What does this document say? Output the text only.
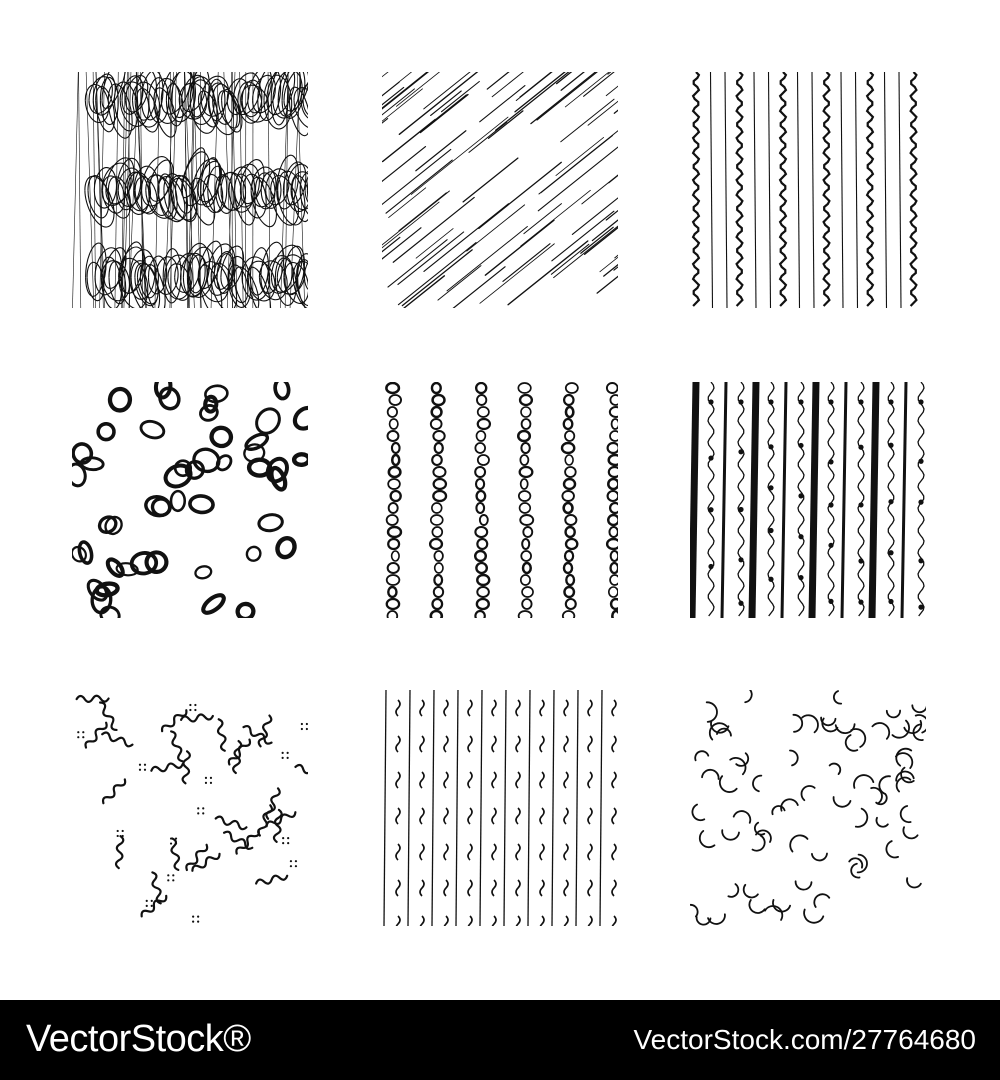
VectorStock®	VectorStock.com/27764680
